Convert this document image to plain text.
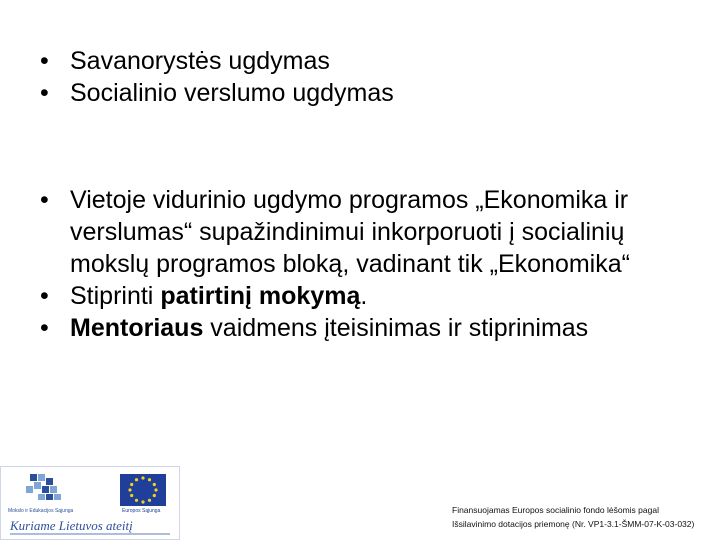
• Savanorystės ugdymas
• Socialinio verslumo ugdymas
• Vietoje vidurinio ugdymo programos „Ekonomika ir verslumas“ supažindinimui inkorporuoti į socialinių mokslų programos bloką, vadinant tik „Ekonomika“
• Stiprinti patirtinį mokymą.
• Mentoriaus vaidmens įteisinimas ir stiprinimas
Mokslo ir Edukacijos Sąjunga	Europos Sąjunga
Kuriame Lietuvos ateitį
Finansuojamas Europos socialinio fondo lėšomis pagal
Išsilavinimo dotacijos priemonę (Nr. VP1-3.1-ŠMM-07-K-03-032)
